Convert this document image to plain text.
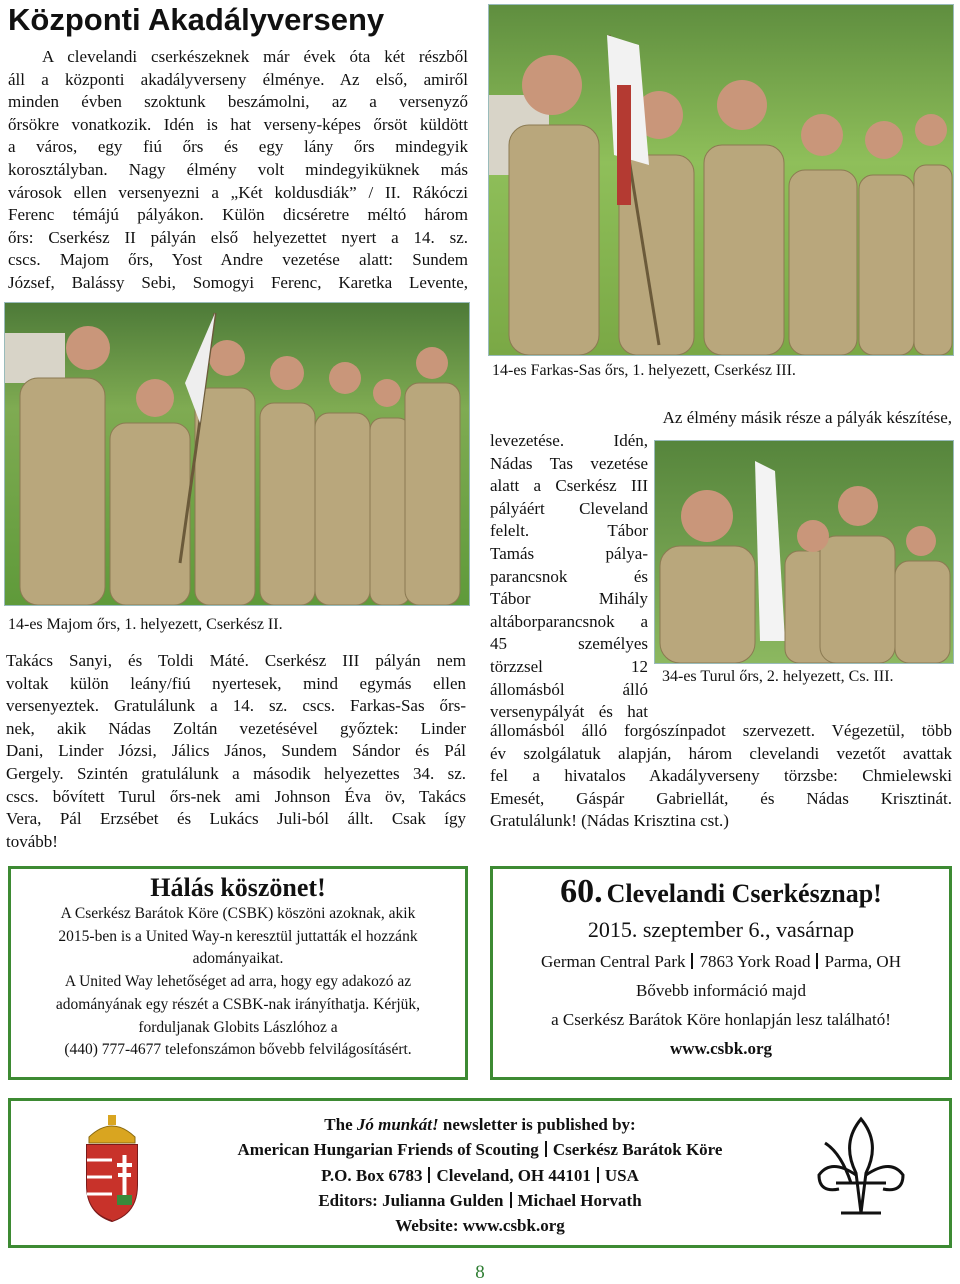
Központi Akadályverseny
A clevelandi cserkészeknek már évek óta két részből
áll a központi akadályverseny élménye. Az első, amiről
minden évben szoktunk beszámolni, az a versenyző
őrsökre vonatkozik. Idén is hat verseny-képes őrsöt küldött
a város, egy fiú őrs és egy lány őrs mindegyik
korosztályban. Nagy élmény volt mindegyiküknek más
városok ellen versenyezni a „Két koldusdiák” / II. Rákóczi
Ferenc témájú pályákon. Külön dicséretre méltó három
őrs: Cserkész II pályán első helyezettet nyert a 14. sz.
cscs. Majom őrs, Yost Andre vezetése alatt: Sundem
József, Balássy Sebi, Somogyi Ferenc, Karetka Levente,
14-es Farkas-Sas őrs, 1. helyezett, Cserkész III.
14-es Majom őrs, 1. helyezett, Cserkész II.
Takács Sanyi, és Toldi Máté. Cserkész III pályán nem
voltak külön leány/fiú nyertesek, mind egymás ellen
versenyeztek. Gratulálunk a 14. sz. cscs. Farkas-Sas őrs-
nek, akik Nádas Zoltán vezetésével győztek: Linder
Dani, Linder Józsi, Jálics János, Sundem Sándor és Pál
Gergely. Szintén gratulálunk a második helyezettes 34. sz.
cscs. bővített Turul őrs-nek ami Johnson Éva öv, Takács
Vera, Pál Erzsébet és Lukács Juli-ból állt. Csak így
tovább!
Az élmény másik része a pályák készítése,
levezetése. Idén,
Nádas Tas vezetése
alatt a Cserkész III
pályáért Cleveland
felelt. Tábor
Tamás pálya-
parancsnok és
Tábor Mihály
altáborparancsnok a
45 személyes
törzzsel 12
állomásból álló
versenypályát és hat
34-es Turul őrs, 2. helyezett, Cs. III.
állomásból álló forgószínpadot szervezett. Végezetül, több
év szolgálatuk alapján, három clevelandi vezetőt avattak
fel a hivatalos Akadályverseny törzsbe: Chmielewski
Emesét, Gáspár Gabriellát, és Nádas Krisztinát.
Gratulálunk! (Nádas Krisztina cst.)
Hálás köszönet!
A Cserkész Barátok Köre (CSBK) köszöni azoknak, akik
2015-ben is a United Way-n keresztül juttatták el hozzánk
adományaikat.
A United Way lehetőséget ad arra, hogy egy adakozó az
adományának egy részét a CSBK-nak irányíthatja. Kérjük,
forduljanak Globits Lászlóhoz a
(440) 777-4677 telefonszámon bővebb felvilágosításért.
60. Clevelandi Cserkésznap!
2015. szeptember 6., vasárnap
German Central Park 7863 York Road Parma, OH
Bővebb információ majd
a Cserkész Barátok Köre honlapján lesz található!
www.csbk.org
The Jó munkát! newsletter is published by:
American Hungarian Friends of Scouting Cserkész Barátok Köre
P.O. Box 6783 Cleveland, OH 44101 USA
Editors: Julianna Gulden Michael Horvath
Website: www.csbk.org
8
